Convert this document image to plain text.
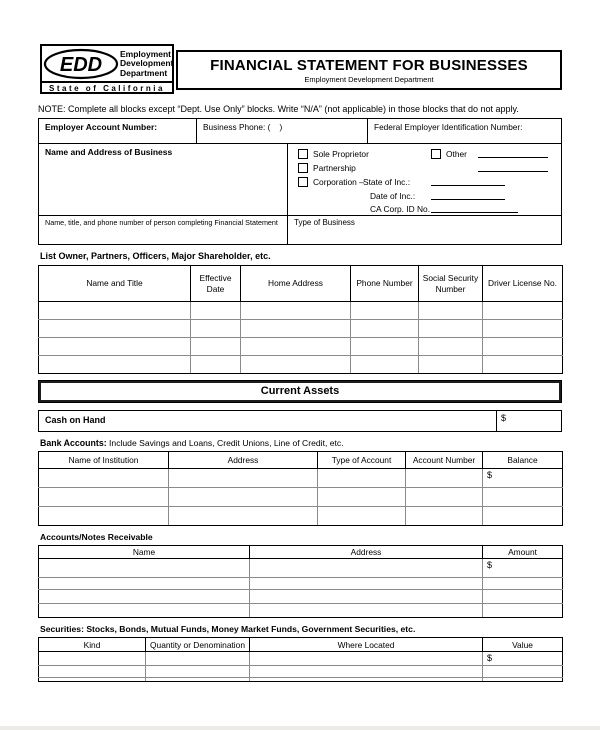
EDD
Employment
Development
Department
State of California
FINANCIAL STATEMENT FOR BUSINESSES
Employment Development Department
NOTE: Complete all blocks except “Dept. Use Only” blocks. Write “N/A” (not applicable) in those blocks that do not apply.
Employer Account Number:	Business Phone: (    )	Federal Employer Identification Number:
Name and Address of Business	Sole Proprietor	Other
Partnership
Corporation – State of Inc.:
Date of Inc.:
CA Corp. ID No.
Name, title, and phone number of person completing Financial Statement	Type of Business
List Owner, Partners, Officers, Major Shareholder, etc.
Name and Title	Effective Date	Home Address	Phone Number	Social Security Number	Driver License No.

Current Assets
Cash on Hand	$
Bank Accounts: Include Savings and Loans, Credit Unions, Line of Credit, etc.
Name of Institution	Address	Type of Account	Account Number	Balance
				$

Accounts/Notes Receivable
Name	Address	Amount
		$

Securities: Stocks, Bonds, Mutual Funds, Money Market Funds, Government Securities, etc.
Kind	Quantity or Denomination	Where Located	Value
			$
